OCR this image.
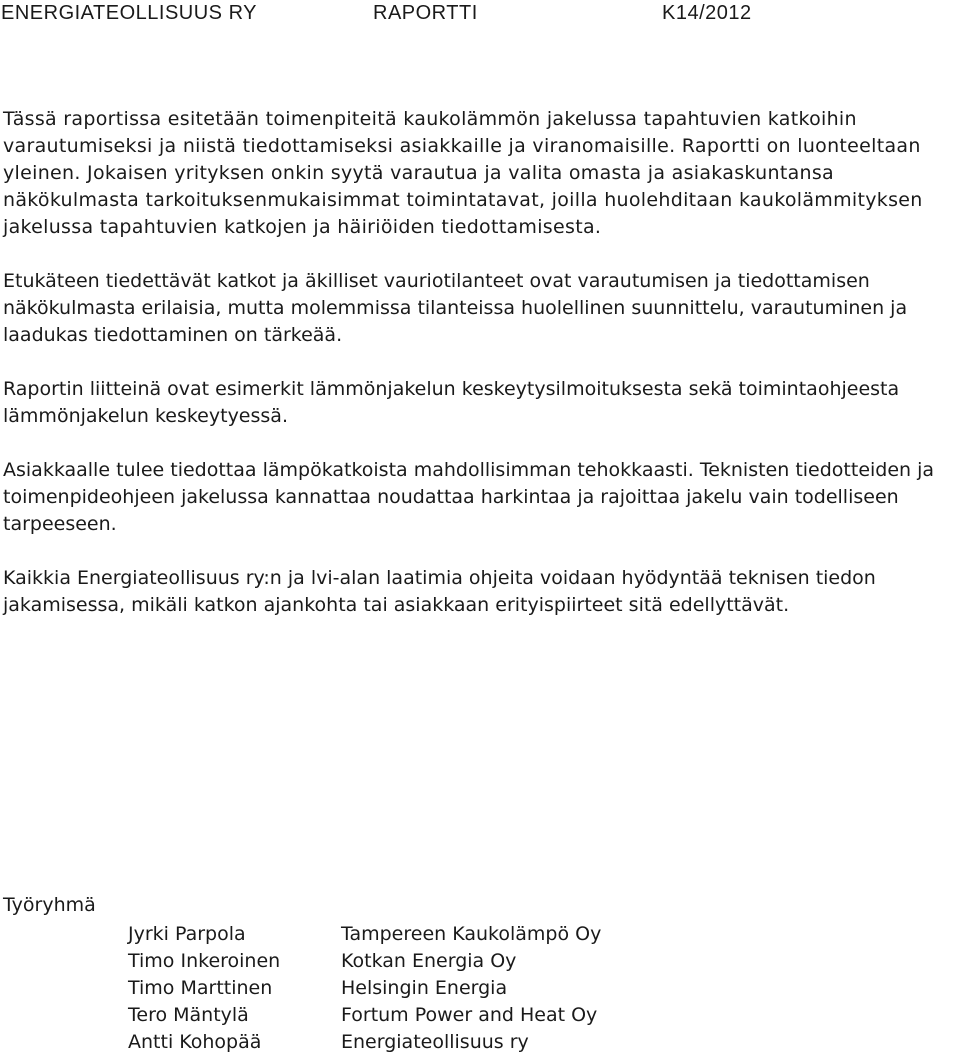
ENERGIATEOLLISUUS RY	RAPORTTI	K14/2012

Tässä raportissa esitetään toimenpiteitä kaukolämmön jakelussa tapahtuvien katkoihin varautumiseksi ja niistä tiedottamiseksi asiakkaille ja viranomaisille. Raportti on luonteeltaan yleinen. Jokaisen yrityksen onkin syytä varautua ja valita omasta ja asiakaskuntansa näkökulmasta tarkoituksenmukaisimmat toimintatavat, joilla huolehditaan kaukolämmityksen jakelussa tapahtuvien katkojen ja häiriöiden tiedottamisesta.

Etukäteen tiedettävät katkot ja äkilliset vauriotilanteet ovat varautumisen ja tiedottamisen näkökulmasta erilaisia, mutta molemmissa tilanteissa huolellinen suunnittelu, varautuminen ja laadukas tiedottaminen on tärkeää.

Raportin liitteinä ovat esimerkit lämmönjakelun keskeytysilmoituksesta sekä toimintaohjeesta lämmönjakelun keskeytyessä.

Asiakkaalle tulee tiedottaa lämpökatkoista mahdollisimman tehokkaasti. Teknisten tiedotteiden ja toimenpideohjeen jakelussa kannattaa noudattaa harkintaa ja rajoittaa jakelu vain todelliseen tarpeeseen.

Kaikkia Energiateollisuus ry:n ja lvi-alan laatimia ohjeita voidaan hyödyntää teknisen tiedon jakamisessa, mikäli katkon ajankohta tai asiakkaan erityispiirteet sitä edellyttävät.

Työryhmä
Jyrki Parpola	Tampereen Kaukolämpö Oy
Timo Inkeroinen	Kotkan Energia Oy
Timo Marttinen	Helsingin Energia
Tero Mäntylä	Fortum Power and Heat Oy
Antti Kohopää	Energiateollisuus ry
